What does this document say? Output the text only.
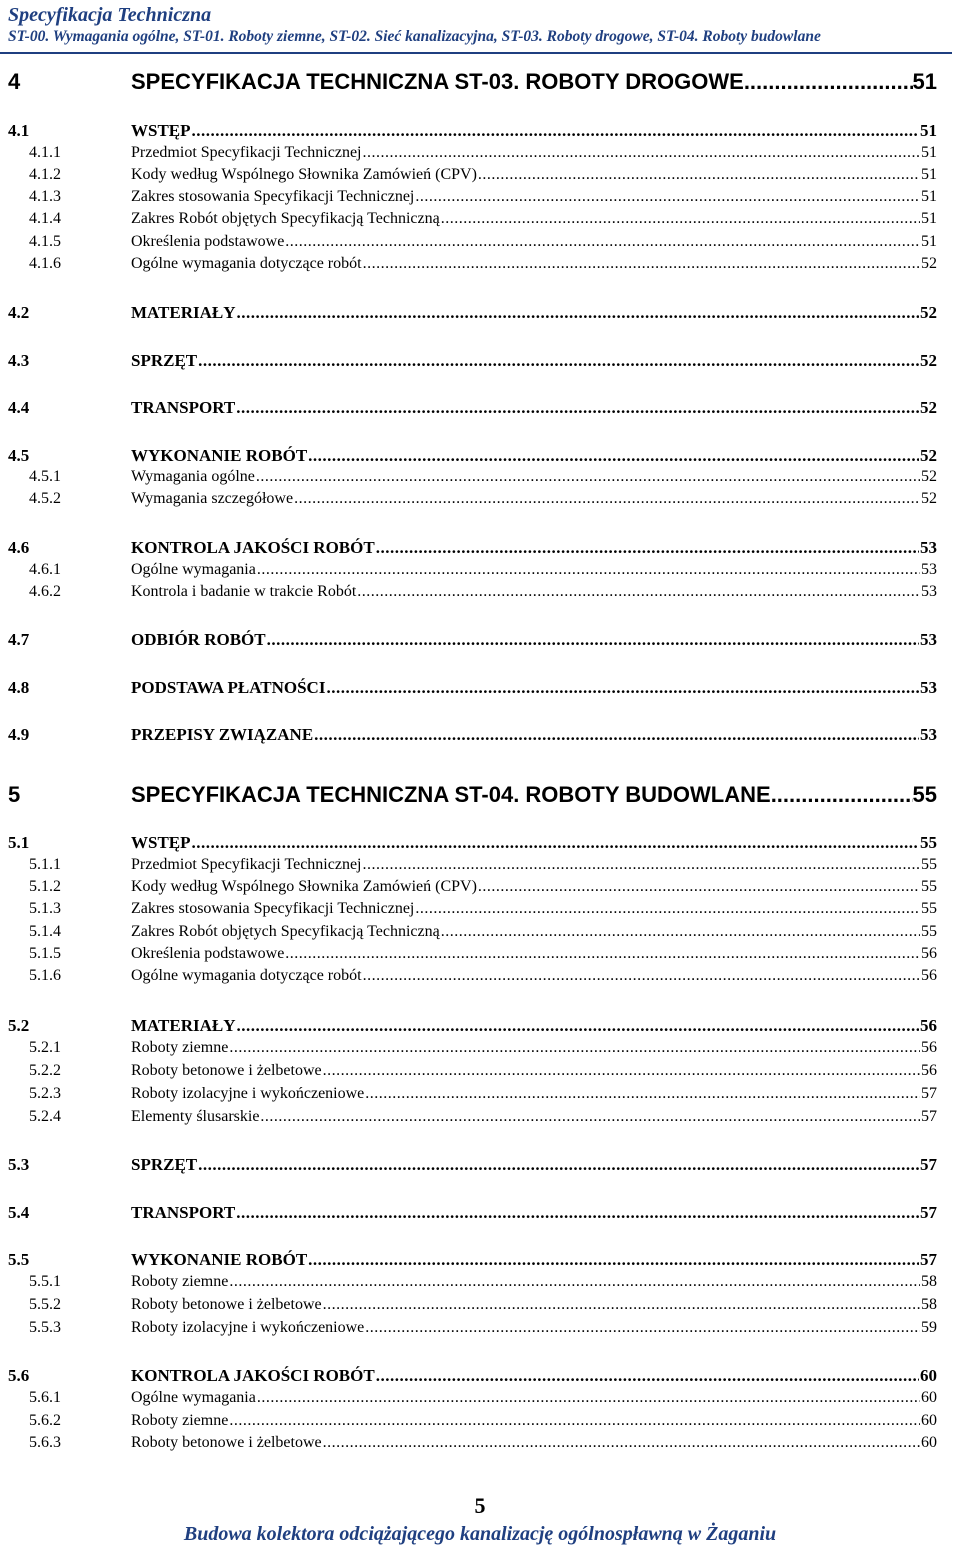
Specyfikacja Techniczna
ST-00. Wymagania ogólne, ST-01. Roboty ziemne, ST-02. Sieć kanalizacyjna, ST-03. Roboty drogowe, ST-04. Roboty budowlane
4	SPECYFIKACJA TECHNICZNA ST-03. ROBOTY DROGOWE .....	51
4.1	WSTĘP .....	51
4.1.1	Przedmiot Specyfikacji Technicznej .....	51
4.1.2	Kody według Wspólnego Słownika Zamówień (CPV) .....	51
4.1.3	Zakres stosowania Specyfikacji Technicznej .....	51
4.1.4	Zakres Robót objętych Specyfikacją Techniczną .....	51
4.1.5	Określenia podstawowe .....	51
4.1.6	Ogólne wymagania dotyczące robót .....	52
4.2	MATERIAŁY .....	52
4.3	SPRZĘT .....	52
4.4	TRANSPORT .....	52
4.5	WYKONANIE ROBÓT .....	52
4.5.1	Wymagania ogólne .....	52
4.5.2	Wymagania szczegółowe .....	52
4.6	KONTROLA JAKOŚCI ROBÓT .....	53
4.6.1	Ogólne wymagania .....	53
4.6.2	Kontrola i badanie w trakcie Robót .....	53
4.7	ODBIÓR ROBÓT .....	53
4.8	PODSTAWA PŁATNOŚCI .....	53
4.9	PRZEPISY ZWIĄZANE .....	53
5	SPECYFIKACJA TECHNICZNA ST-04. ROBOTY BUDOWLANE .....	55
5.1	WSTĘP .....	55
5.1.1	Przedmiot Specyfikacji Technicznej .....	55
5.1.2	Kody według Wspólnego Słownika Zamówień (CPV) .....	55
5.1.3	Zakres stosowania Specyfikacji Technicznej .....	55
5.1.4	Zakres Robót objętych Specyfikacją Techniczną .....	55
5.1.5	Określenia podstawowe .....	56
5.1.6	Ogólne wymagania dotyczące robót .....	56
5.2	MATERIAŁY .....	56
5.2.1	Roboty ziemne .....	56
5.2.2	Roboty betonowe i żelbetowe .....	56
5.2.3	Roboty izolacyjne i wykończeniowe .....	57
5.2.4	Elementy ślusarskie .....	57
5.3	SPRZĘT .....	57
5.4	TRANSPORT .....	57
5.5	WYKONANIE ROBÓT .....	57
5.5.1	Roboty ziemne .....	58
5.5.2	Roboty betonowe i żelbetowe .....	58
5.5.3	Roboty izolacyjne i wykończeniowe .....	59
5.6	KONTROLA JAKOŚCI ROBÓT .....	60
5.6.1	Ogólne wymagania .....	60
5.6.2	Roboty ziemne .....	60
5.6.3	Roboty betonowe i żelbetowe .....	60
5
Budowa kolektora odciążającego kanalizację ogólnospławną w Żaganiu
